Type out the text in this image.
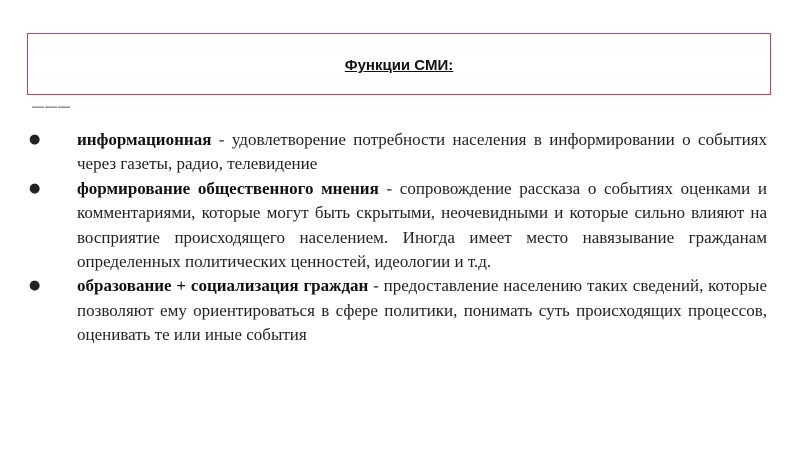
Функции СМИ:
———
● информационная - удовлетворение потребности населения в информировании о событиях через газеты, радио, телевидение
● формирование общественного мнения - сопровождение рассказа о событиях оценками и комментариями, которые могут быть скрытыми, неочевидными и которые сильно влияют на восприятие происходящего населением. Иногда имеет место навязывание гражданам определенных политических ценностей, идеологии и т.д.
● образование + социализация граждан - предоставление населению таких сведений, которые позволяют ему ориентироваться в сфере политики, понимать суть происходящих процессов, оценивать те или иные события
